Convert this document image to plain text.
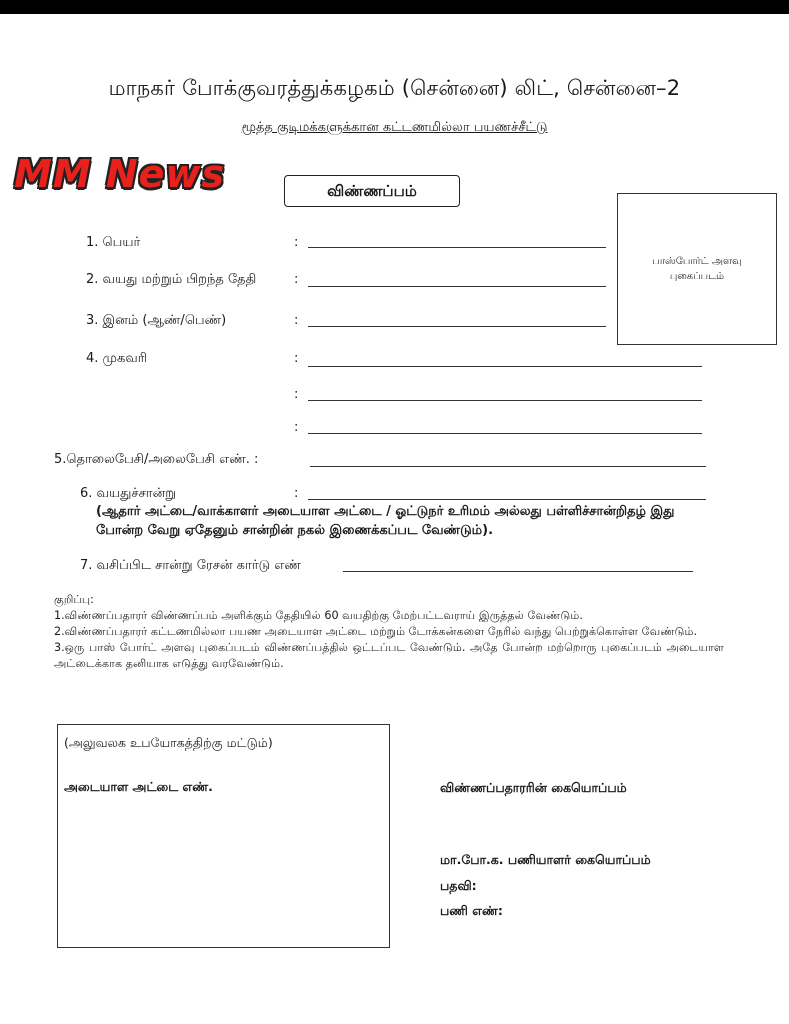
மாநகர் போக்குவரத்துக்கழகம் (சென்னை) லிட், சென்னை–2
மூத்த குடிமக்களுக்கான கட்டணமில்லா பயணச்சீட்டு
MM News	விண்ணப்பம்
பாஸ்போர்ட் அளவு
புகைப்படம்
1. பெயர்	:
2. வயது மற்றும் பிறந்த தேதி	:
3. இனம் (ஆண்/பெண்)	:
4. முகவரி	:
:
:
5.தொலைபேசி/அலைபேசி எண். :
6. வயதுச்சான்று	:
(ஆதார் அட்டை/வாக்காளர் அடையாள அட்டை / ஓட்டுநர் உரிமம் அல்லது பள்ளிச்சான்றிதழ் இது போன்ற வேறு ஏதேனும் சான்றின் நகல் இணைக்கப்பட வேண்டும்).
7. வசிப்பிட சான்று ரேசன் கார்டு எண்

குறிப்பு:

1.விண்ணப்பதாரர் விண்ணப்பம் அளிக்கும் தேதியில் 60 வயதிற்கு மேற்பட்டவராய் இருத்தல் வேண்டும்.

2.விண்ணப்பதாரர் கட்டணமில்லா பயண அடையாள அட்டை மற்றும் டோக்கன்களை நேரில் வந்து பெற்றுக்கொள்ள வேண்டும்.

3.ஒரு பாஸ் போர்ட் அளவு புகைப்படம் விண்ணப்பத்தில் ஒட்டப்பட வேண்டும். அதே போன்ற மற்றொரு புகைப்படம் அடையாள அட்டைக்காக தனியாக எடுத்து வரவேண்டும்.

(அலுவலக உபயோகத்திற்கு மட்டும்)
அடையாள அட்டை எண்.	விண்ணப்பதாரரின் கையொப்பம்
மா.போ.க. பணியாளர் கையொப்பம்
பதவி:
பணி எண்:
